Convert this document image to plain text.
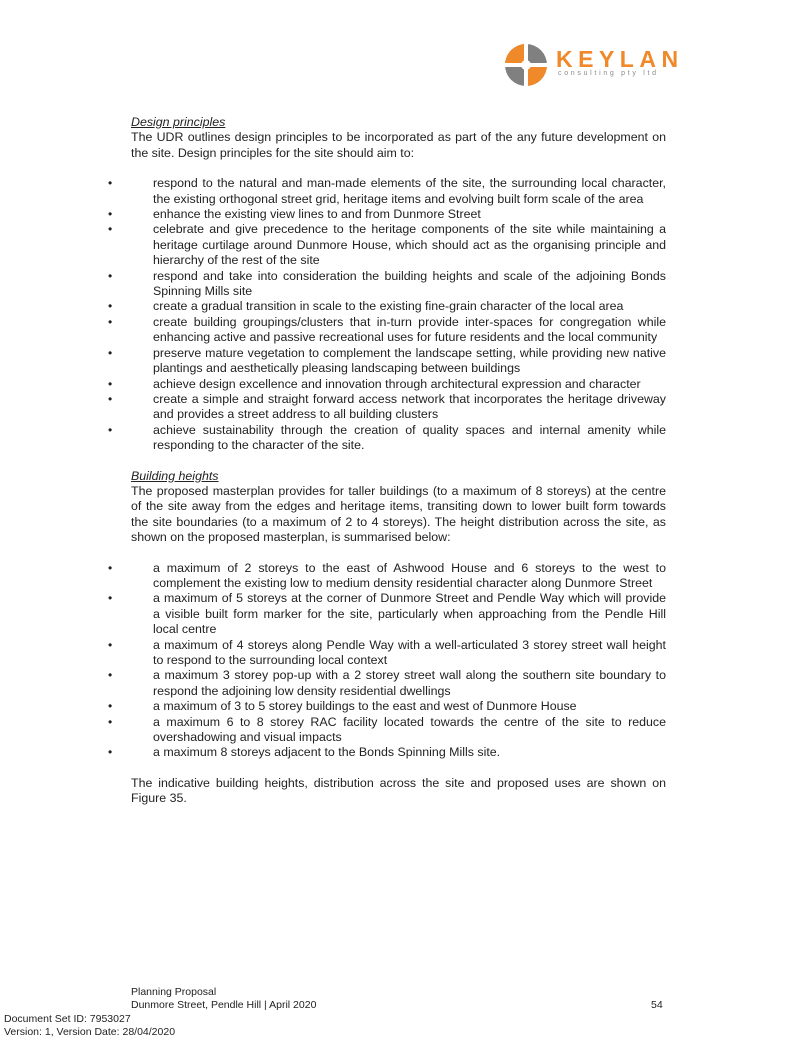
KEYLAN
consulting pty ltd

Design principles

The UDR outlines design principles to be incorporated as part of the any future development on the site. Design principles for the site should aim to:

• respond to the natural and man-made elements of the site, the surrounding local character, the existing orthogonal street grid, heritage items and evolving built form scale of the area
• enhance the existing view lines to and from Dunmore Street
• celebrate and give precedence to the heritage components of the site while maintaining a heritage curtilage around Dunmore House, which should act as the organising principle and hierarchy of the rest of the site
• respond and take into consideration the building heights and scale of the adjoining Bonds Spinning Mills site
• create a gradual transition in scale to the existing fine-grain character of the local area
• create building groupings/clusters that in-turn provide inter-spaces for congregation while enhancing active and passive recreational uses for future residents and the local community
• preserve mature vegetation to complement the landscape setting, while providing new native plantings and aesthetically pleasing landscaping between buildings
• achieve design excellence and innovation through architectural expression and character
• create a simple and straight forward access network that incorporates the heritage driveway and provides a street address to all building clusters
• achieve sustainability through the creation of quality spaces and internal amenity while responding to the character of the site.

Building heights

The proposed masterplan provides for taller buildings (to a maximum of 8 storeys) at the centre of the site away from the edges and heritage items, transiting down to lower built form towards the site boundaries (to a maximum of 2 to 4 storeys). The height distribution across the site, as shown on the proposed masterplan, is summarised below:

• a maximum of 2 storeys to the east of Ashwood House and 6 storeys to the west to complement the existing low to medium density residential character along Dunmore Street
• a maximum of 5 storeys at the corner of Dunmore Street and Pendle Way which will provide a visible built form marker for the site, particularly when approaching from the Pendle Hill local centre
• a maximum of 4 storeys along Pendle Way with a well-articulated 3 storey street wall height to respond to the surrounding local context
• a maximum 3 storey pop-up with a 2 storey street wall along the southern site boundary to respond the adjoining low density residential dwellings
• a maximum of 3 to 5 storey buildings to the east and west of Dunmore House
• a maximum 6 to 8 storey RAC facility located towards the centre of the site to reduce overshadowing and visual impacts
• a maximum 8 storeys adjacent to the Bonds Spinning Mills site.

The indicative building heights, distribution across the site and proposed uses are shown on Figure 35.

Planning Proposal
Dunmore Street, Pendle Hill | April 2020	54
Document Set ID: 7953027
Version: 1, Version Date: 28/04/2020
